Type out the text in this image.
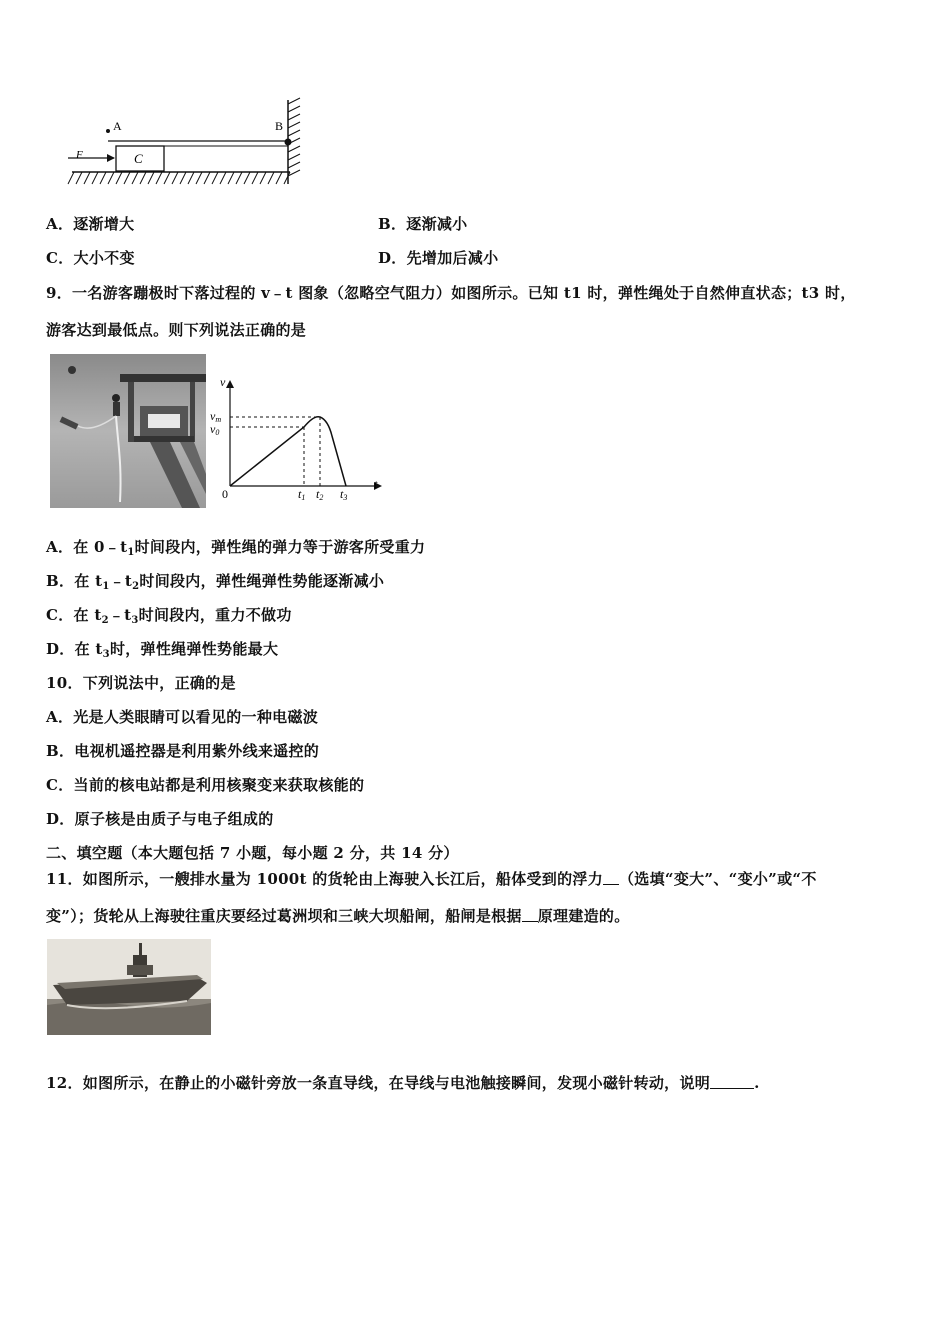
A	B
C
F
A．逐渐增大	B．逐渐减小
C．大小不变	D．先增加后减小
9．一名游客蹦极时下落过程的 v﹣t 图象（忽略空气阻力）如图所示。已知 t1 时，弹性绳处于自然伸直状态；t3 时，
游客达到最低点。则下列说法正确的是
v
t
0
vm
v0
t1 t2 t3
A．在 $0﹣t_1$时间段内，弹性绳的弹力等于游客所受重力
B．在 $t_1﹣t_2$时间段内，弹性绳弹性势能逐渐减小
C．在 $t_2﹣t_3$时间段内，重力不做功
D．在 $t_3$时，弹性绳弹性势能最大
10．下列说法中，正确的是
A．光是人类眼睛可以看见的一种电磁波
B．电视机遥控器是利用紫外线来遥控的
C．当前的核电站都是利用核聚变来获取核能的
D．原子核是由质子与电子组成的
二、填空题（本大题包括 7 小题，每小题 2 分，共 14 分）
11．如图所示，一艘排水量为 1000t 的货轮由上海驶入长江后，船体受到的浮力 （选填“变大”、“变小”或“不
变”）；货轮从上海驶往重庆要经过葛洲坝和三峡大坝船闸，船闸是根据 原理建造的。
12．如图所示，在静止的小磁针旁放一条直导线，在导线与电池触接瞬间，发现小磁针转动，说明	.
